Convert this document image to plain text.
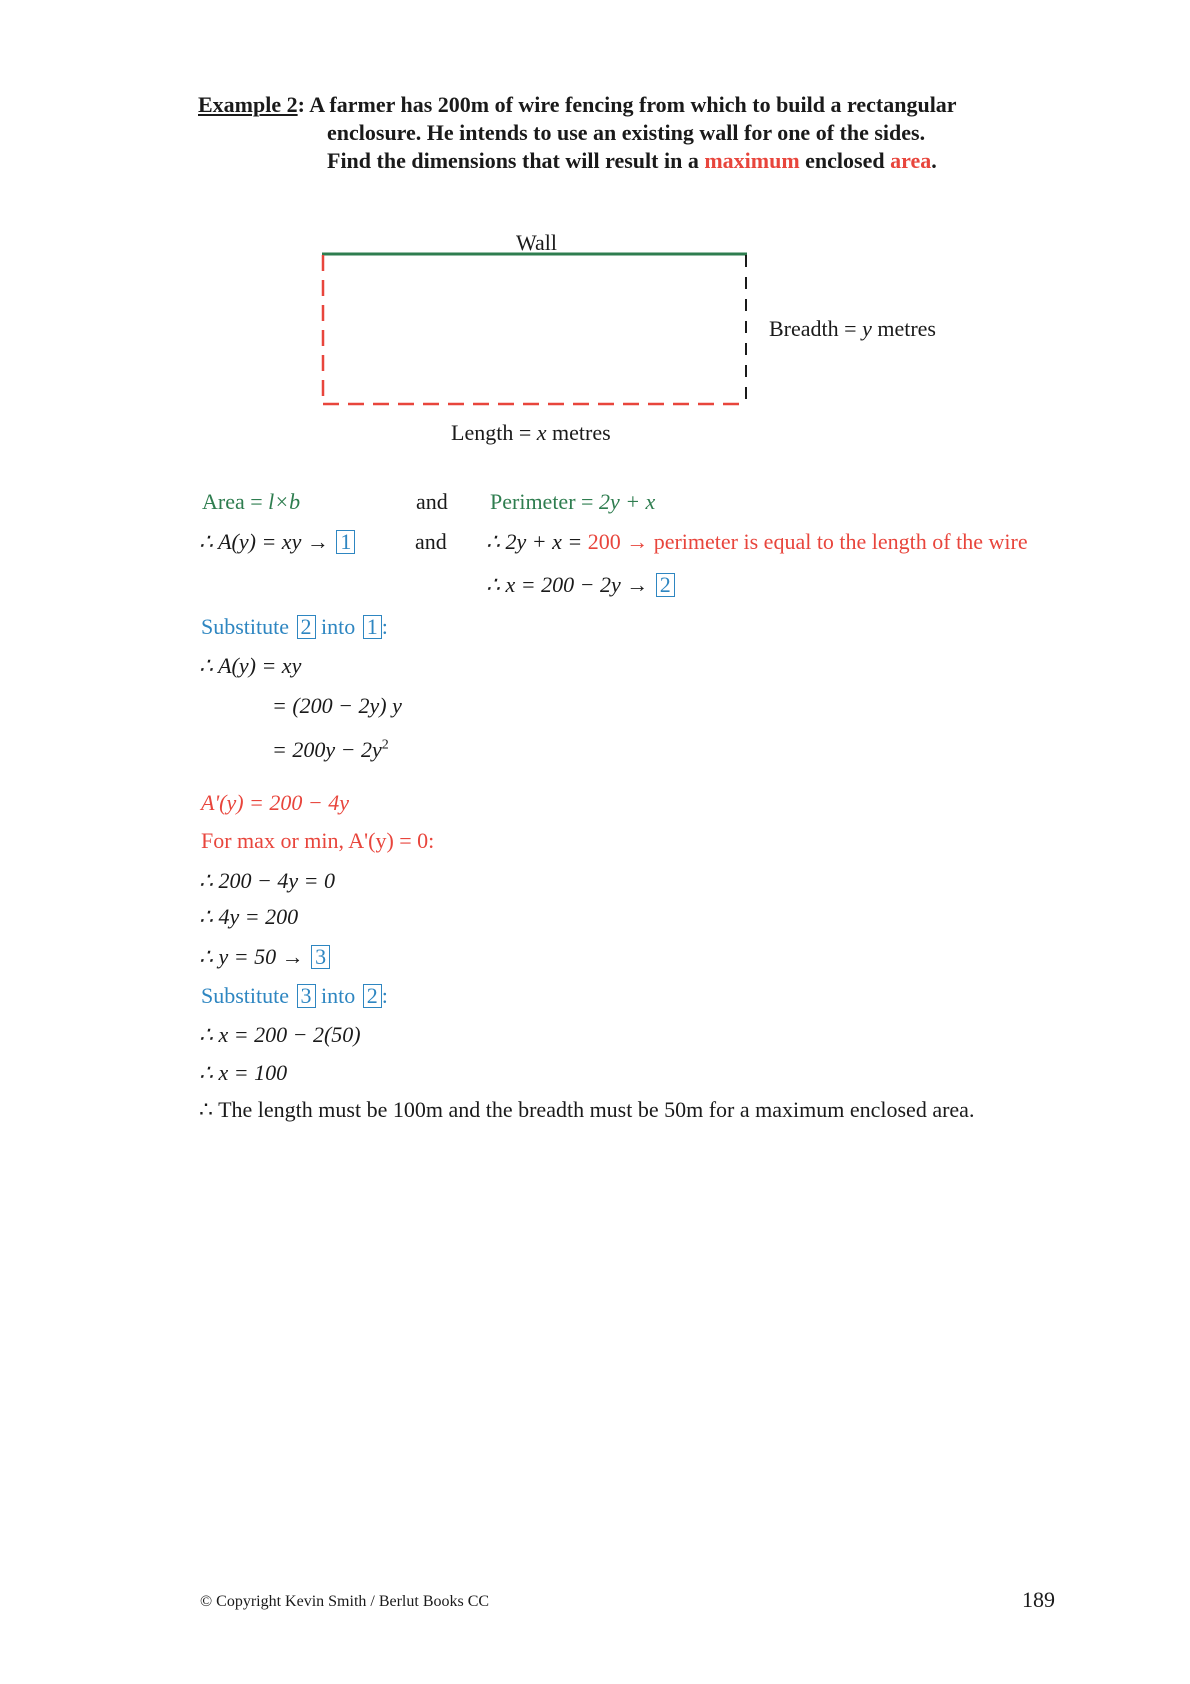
Example 2: A farmer has 200m of wire fencing from which to build a rectangular
enclosure. He intends to use an existing wall for one of the sides.
Find the dimensions that will result in a maximum enclosed area.
Wall
Breadth = y metres
Length = x metres
Area = l×b	and Perimeter = 2y + x
∴ A(y) = xy → 1	and ∴ 2y + x = 200 → perimeter is equal to the length of the wire
∴ x = 200 − 2y → 2
Substitute 2 into 1 :
∴ A(y) = xy
= (200 − 2y) y
= $200y - 2y^2$
A'(y) = 200 − 4y
For max or min, A'(y) = 0:
∴ 200 − 4y = 0
∴ 4y = 200
∴ y = 50 → 3
Substitute 3 into 2 :
∴ x = 200 − 2(50)
∴ x = 100
∴ The length must be 100m and the breadth must be 50m for a maximum enclosed area.
© Copyright Kevin Smith / Berlut Books CC	189
